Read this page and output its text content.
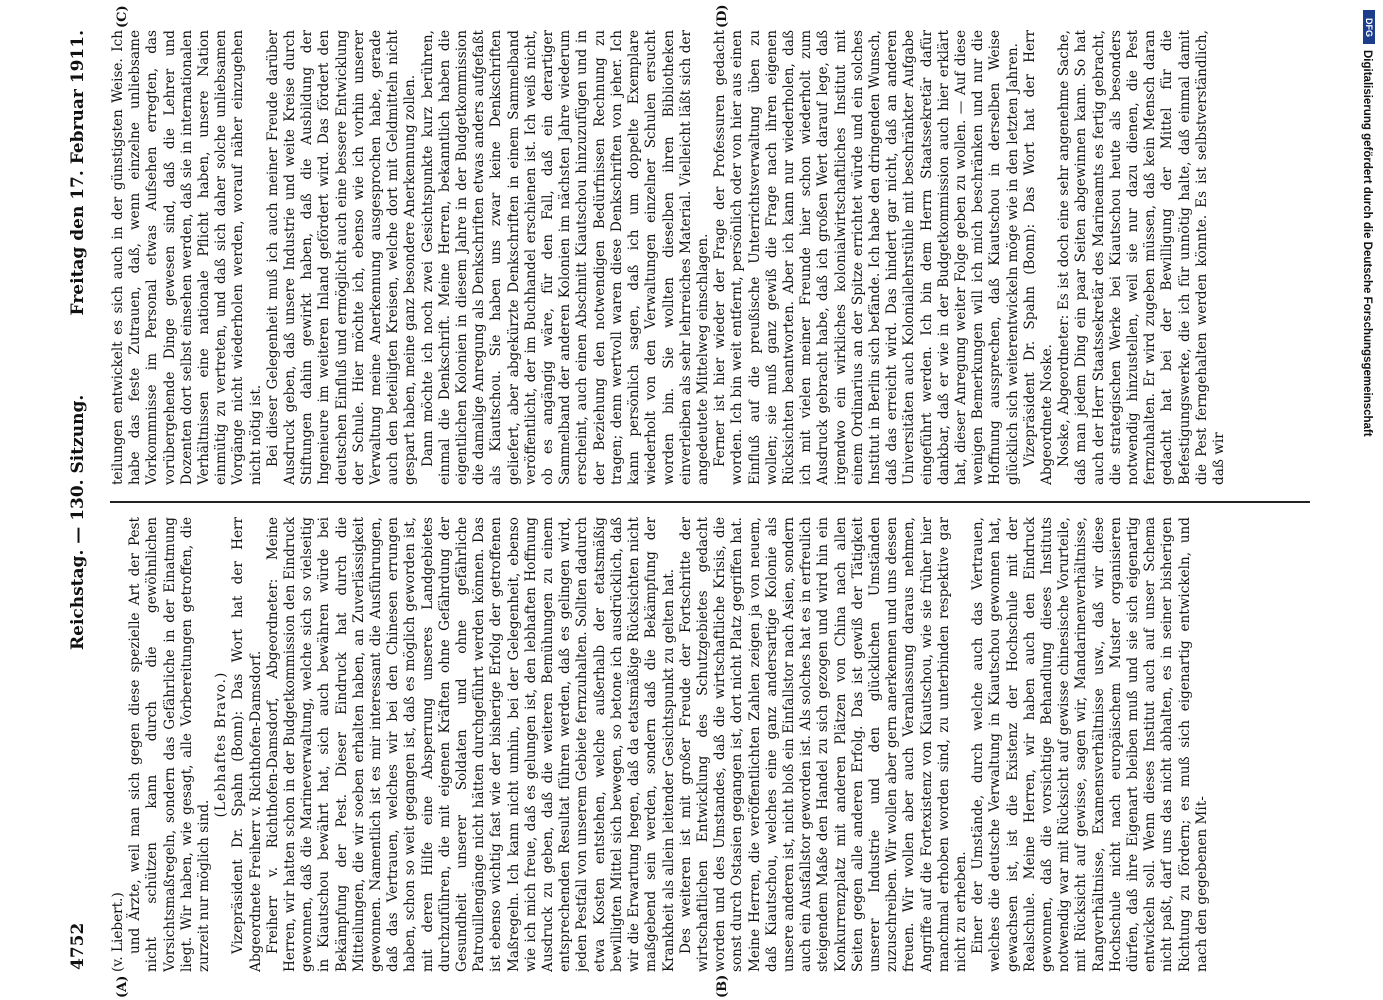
4752
Reichstag. — 130. Sitzung.
Freitag den 17. Februar 1911.
(A)	(B)
(C)	(D)

(v. Liebert.) und Ärzte, weil man sich gegen diese spezielle Art der Pest nicht schützen kann durch die gewöhnlichen Vorsichtsmaßregeln, sondern das Gefährliche in der Einatmung liegt. Wir haben, wie gesagt, alle Vorbereitungen getroffen, die zurzeit nur möglich sind.

(Lebhaftes Bravo.) Vizepräsident Dr. Spahn (Bonn): Das Wort hat der Herr Abgeordnete Freiherr v. Richthofen-Damsdorf. Freiherr v. Richthofen-Damsdorf, Abgeordneter: Meine Herren, wir hatten schon in der Budgetkommission den Eindruck gewonnen, daß die Marineverwaltung, welche sich so vielseitig in Kiautschou bewährt hat, sich auch bewähren würde bei Bekämpfung der Pest. Dieser Eindruck hat durch die Mitteilungen, die wir soeben erhalten haben, an Zuverlässigkeit gewonnen. Namentlich ist es mir interessant die Ausführungen, daß das Vertrauen, welches wir bei den Chinesen errungen haben, schon so weit gegangen ist, daß es möglich geworden ist, mit deren Hilfe eine Absperrung unseres Landgebietes durchzuführen, die mit eigenen Kräften ohne Gefährdung der Gesundheit unserer Soldaten und ohne gefährliche Patrouillengänge nicht hätten durchgeführt werden können. Das ist ebenso wichtig fast wie der bisherige Erfolg der getroffenen Maßregeln. Ich kann nicht umhin, bei der Gelegenheit, ebenso wie ich mich freue, daß es gelungen ist, den lebhaften Hoffnung Ausdruck zu geben, daß die weiteren Bemühungen zu einem entsprechenden Resultat führen werden, daß es gelingen wird, jeden Pestfall von unserem Gebiete fernzuhalten. Sollten dadurch etwa Kosten entstehen, welche außerhalb der etatsmäßig bewilligten Mittel sich bewegen, so betone ich ausdrücklich, daß wir die Erwartung hegen, daß da etatsmäßige Rücksichten nicht maßgebend sein werden, sondern daß die Bekämpfung der Krankheit als allein leitender Gesichtspunkt zu gelten hat. Des weiteren ist mit großer Freude der Fortschritte der wirtschaftlichen Entwicklung des Schutzgebietes gedacht worden und des Umstandes, daß die wirtschaftliche Krisis, die sonst durch Ostasien gegangen ist, dort nicht Platz gegriffen hat. Meine Herren, die veröffentlichten Zahlen zeigen ja von neuem, daß Kiautschou, welches eine ganz andersartige Kolonie als unsere anderen ist, nicht bloß ein Einfallstor nach Asien, sondern auch ein Ausfallstor geworden ist. Als solches hat es in erfreulich steigendem Maße den Handel zu sich gezogen und wird hin ein Konkurrenzplatz mit anderen Plätzen von China nach allen Seiten gegen alle anderen Erfolg. Das ist gewiß der Tätigkeit unserer Industrie und den glücklichen Umständen zuzuschreiben. Wir wollen aber gern anerkennen und uns dessen freuen. Wir wollen aber auch Veranlassung daraus nehmen, Angriffe auf die Fortexistenz von Kiautschou, wie sie früher hier manchmal erhoben worden sind, zu unterbinden respektive gar nicht zu erheben. Einer der Umstände, durch welche auch das Vertrauen, welches die deutsche Verwaltung in Kiautschou gewonnen hat, gewachsen ist, ist die Existenz der Hochschule mit der Realschule. Meine Herren, wir haben auch den Eindruck gewonnen, daß die vorsichtige Behandlung dieses Instituts notwendig war mit Rücksicht auf gewisse chinesische Vorurteile, mit Rücksicht auf gewisse, sagen wir, Mandarinenverhältnisse, Rangverhältnisse, Examensverhältnisse usw., daß wir diese Hochschule nicht nach europäischem Muster organisieren dürfen, daß ihre Eigenart bleiben muß und sie sich eigenartig entwickeln soll. Wenn dieses Institut auch auf unser Schema nicht paßt, darf uns das nicht abhalten, es in seiner bisherigen Richtung zu fördern; es muß sich eigenartig entwickeln, und nach den gegebenen Mit-

teilungen entwickelt es sich auch in der günstigsten Weise. Ich habe das feste Zutrauen, daß, wenn einzelne unliebsame Vorkommnisse im Personal etwas Aufsehen erregten, das vorübergehende Dinge gewesen sind, daß die Lehrer und Dozenten dort selbst einsehen werden, daß sie in internationalen Verhältnissen eine nationale Pflicht haben, unsere Nation einmütig zu vertreten, und daß sich daher solche unliebsamen Vorgänge nicht wiederholen werden, worauf näher einzugehen nicht nötig ist. Bei dieser Gelegenheit muß ich auch meiner Freude darüber Ausdruck geben, daß unsere Industrie und weite Kreise durch Stiftungen dahin gewirkt haben, daß die Ausbildung der Ingenieure im weiteren Inland gefördert wird. Das fördert den deutschen Einfluß und ermöglicht auch eine bessere Entwicklung der Schule. Hier möchte ich, ebenso wie ich vorhin unserer Verwaltung meine Anerkennung ausgesprochen habe, gerade auch den beteiligten Kreisen, welche dort mit Geldmitteln nicht gespart haben, meine ganz besondere Anerkennung zollen. Dann möchte ich noch zwei Gesichtspunkte kurz berühren, einmal die Denkschrift. Meine Herren, bekanntlich haben die eigentlichen Kolonien in diesem Jahre in der Budgetkommission die damalige Anregung als Denkschriften etwas anders aufgefaßt als Kiautschou. Sie haben uns zwar keine Denkschriften geliefert, aber abgekürzte Denkschriften in einem Sammelband veröffentlicht, der im Buchhandel erschienen ist. Ich weiß nicht, ob es angängig wäre, für den Fall, daß ein derartiger Sammelband der anderen Kolonien im nächsten Jahre wiederum erscheint, auch einen Abschnitt Kiautschou hinzuzufügen und in der Beziehung den notwendigen Bedürfnissen Rechnung zu tragen; denn wertvoll waren diese Denkschriften von jeher. Ich kann persönlich sagen, daß ich um doppelte Exemplare wiederholt von den Verwaltungen einzelner Schulen ersucht worden bin. Sie wollten dieselben ihren Bibliotheken einverleiben als sehr lehrreiches Material. Vielleicht läßt sich der angedeutete Mittelweg einschlagen. Ferner ist hier wieder der Frage der Professuren gedacht worden. Ich bin weit entfernt, persönlich oder von hier aus einen Einfluß auf die preußische Unterrichtsverwaltung üben zu wollen; sie muß ganz gewiß die Frage nach ihren eigenen Rücksichten beantworten. Aber ich kann nur wiederholen, daß ich mit vielen meiner Freunde hier schon wiederholt zum Ausdruck gebracht habe, daß ich großen Wert darauf lege, daß irgendwo ein wirkliches kolonialwirtschaftliches Institut mit einem Ordinarius an der Spitze errichtet würde und ein solches Institut in Berlin sich befände. Ich habe den dringenden Wunsch, daß das erreicht wird. Das hindert gar nicht, daß an anderen Universitäten auch Koloniallehrstühle mit beschränkter Aufgabe eingeführt werden. Ich bin dem Herrn Staatssekretär dafür dankbar, daß er wie in der Budgetkommission auch hier erklärt hat, dieser Anregung weiter Folge geben zu wollen. — Auf diese wenigen Bemerkungen will ich mich beschränken und nur die Hoffnung aussprechen, daß Kiautschou in derselben Weise glücklich sich weiterentwickeln möge wie in den letzten Jahren. Vizepräsident Dr. Spahn (Bonn): Das Wort hat der Herr Abgeordnete Noske. Noske, Abgeordneter: Es ist doch eine sehr angenehme Sache, daß man jedem Ding ein paar Seiten abgewinnen kann. So hat auch der Herr Staatssekretär des Marineamts es fertig gebracht, die strategischen Werke bei Kiautschou heute als besonders notwendig hinzustellen, weil sie nur dazu dienen, die Pest fernzuhalten. Er wird zugeben müssen, daß kein Mensch daran gedacht hat bei der Bewilligung der Mittel für die Befestigungswerke, die ich für unnötig halte, daß einmal damit die Pest ferngehalten werden könnte. Es ist selbstverständlich, daß wir

DFG
Digitalisierung gefördert durch die Deutsche Forschungsgemeinschaft
